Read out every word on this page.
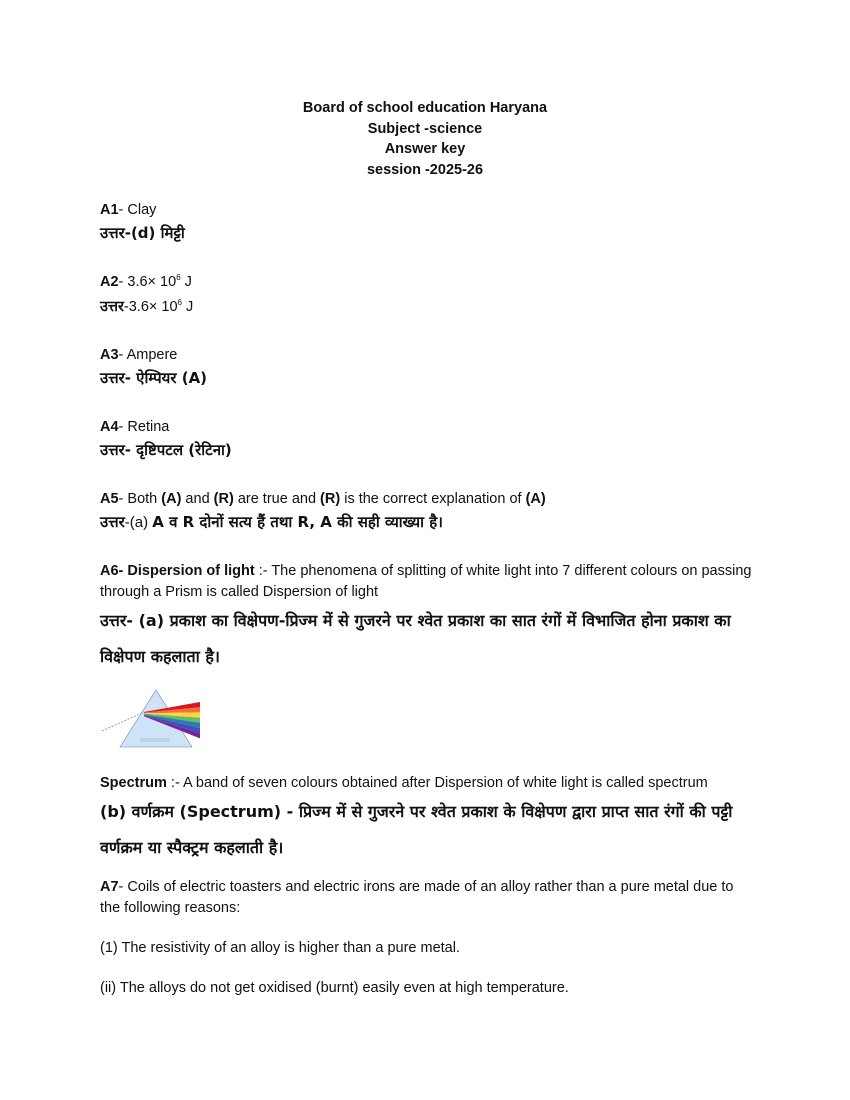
Board of school education Haryana
Subject -science
Answer key
session -2025-26
A1- Clay
उत्तर-(d) मिट्टी
A2- $3.6\times 10^6$ J
उत्तर-3.6× $10^6$ J
A3- Ampere
उत्तर- ऐम्पियर (A)
A4- Retina
उत्तर- दृष्टिपटल (रेटिना)
A5- Both (A) and (R) are true and (R) is the correct explanation of (A)
उत्तर-(a) A व R दोनों सत्य हैं तथा R, A की सही व्याख्या है।
A6- Dispersion of light :- The phenomena of splitting of white light into 7 different colours on passing through a Prism is called Dispersion of light
उत्तर- (a) प्रकाश का विक्षेपण-प्रिज्म में से गुजरने पर श्वेत प्रकाश का सात रंगों में विभाजित होना प्रकाश का विक्षेपण कहलाता है।
Spectrum :- A band of seven colours obtained after Dispersion of white light is called spectrum
(b) वर्णक्रम (Spectrum) - प्रिज्म में से गुजरने पर श्वेत प्रकाश के विक्षेपण द्वारा प्राप्त सात रंगों की पट्टी वर्णक्रम या स्पैक्ट्रम कहलाती है।
A7- Coils of electric toasters and electric irons are made of an alloy rather than a pure metal due to the following reasons:
(1) The resistivity of an alloy is higher than a pure metal.
(ii) The alloys do not get oxidised (burnt) easily even at high temperature.
